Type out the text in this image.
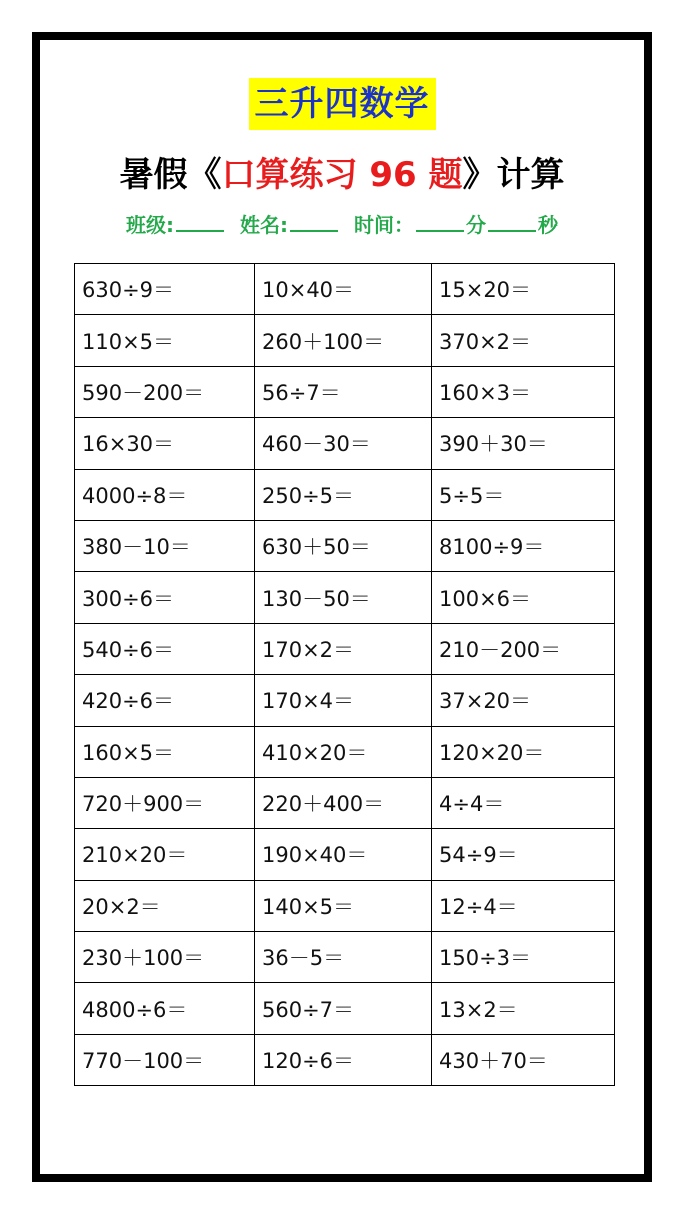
三升四数学
暑假《口算练习 96 题》计算
班级:	姓名:	时间：	分	秒
630÷9＝	10×40＝	15×20＝
110×5＝	260＋100＝	370×2＝
590－200＝	56÷7＝	160×3＝
16×30＝	460－30＝	390＋30＝
4000÷8＝	250÷5＝	5÷5＝
380－10＝	630＋50＝	8100÷9＝
300÷6＝	130－50＝	100×6＝
540÷6＝	170×2＝	210－200＝
420÷6＝	170×4＝	37×20＝
160×5＝	410×20＝	120×20＝
720＋900＝	220＋400＝	4÷4＝
210×20＝	190×40＝	54÷9＝
20×2＝	140×5＝	12÷4＝
230＋100＝	36－5＝	150÷3＝
4800÷6＝	560÷7＝	13×2＝
770－100＝	120÷6＝	430＋70＝
